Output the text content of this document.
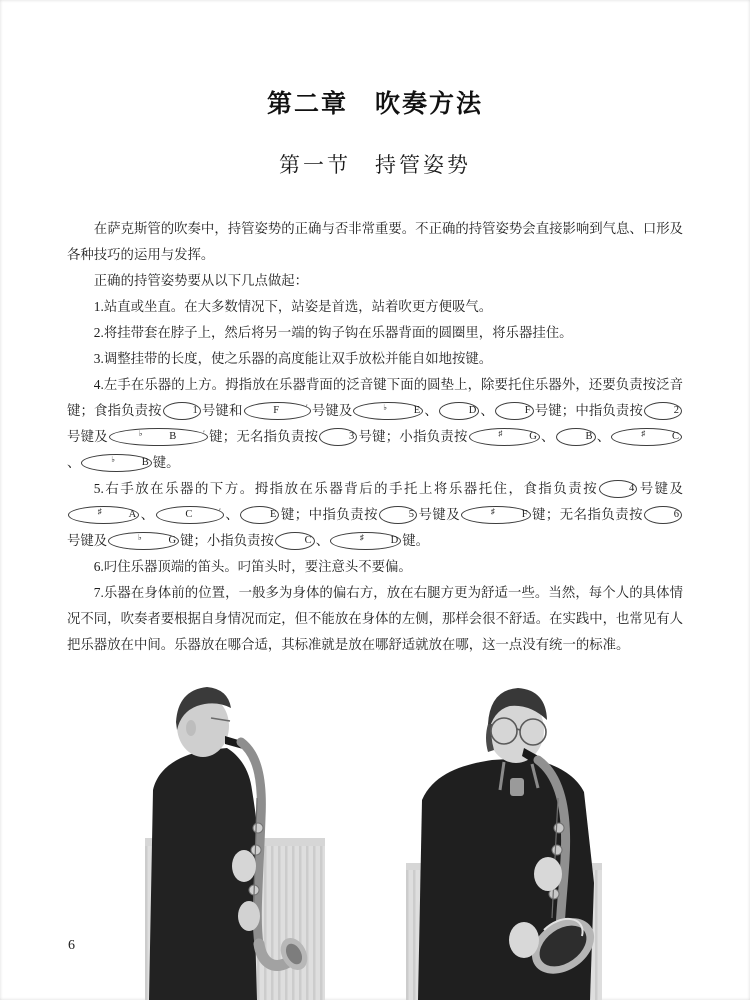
第二章　吹奏方法
第一节　持管姿势

在萨克斯管的吹奏中，持管姿势的正确与否非常重要。不正确的持管姿势会直接影响到气息、口形及各种技巧的运用与发挥。

正确的持管姿势要从以下几点做起：

1.站直或坐直。在大多数情况下，站姿是首选，站着吹更方便吸气。

2.将挂带套在脖子上，然后将另一端的钩子钩在乐器背面的圆圈里，将乐器挂住。

3.调整挂带的长度，使之乐器的高度能让双手放松并能自如地按键。

4.左手在乐器的上方。拇指放在乐器背面的泛音键下面的圆垫上，除要托住乐器外，还要负责按泛音键；食指负责按	1 号键和	F	′ 号键及	♭	E 、	D 、	F 号键；中指负责按	2
号键及	♭	B	′ 键；无名指负责按	3 号键；小指负责按	♯	G 、	B 、	♯	C
、	♭	B 键。

5.右手放在乐器的下方。拇指放在乐器背后的手托上将乐器托住，食指负责按	4 号键及
♯	A 、	C	′ 、	E 键；中指负责按	5 号键及	♯	F 键；无名指负责按	6
号键及	♭	G 键；小指负责按	C 、	♯	D 键。

6.叼住乐器顶端的笛头。叼笛头时，要注意头不要偏。

7.乐器在身体前的位置，一般多为身体的偏右方，放在右腿方更为舒适一些。当然，每个人的具体情况不同，吹奏者要根据自身情况而定，但不能放在身体的左侧，那样会很不舒适。在实践中，也常见有人把乐器放在中间。乐器放在哪合适，其标准就是放在哪舒适就放在哪，这一点没有统一的标准。

6
